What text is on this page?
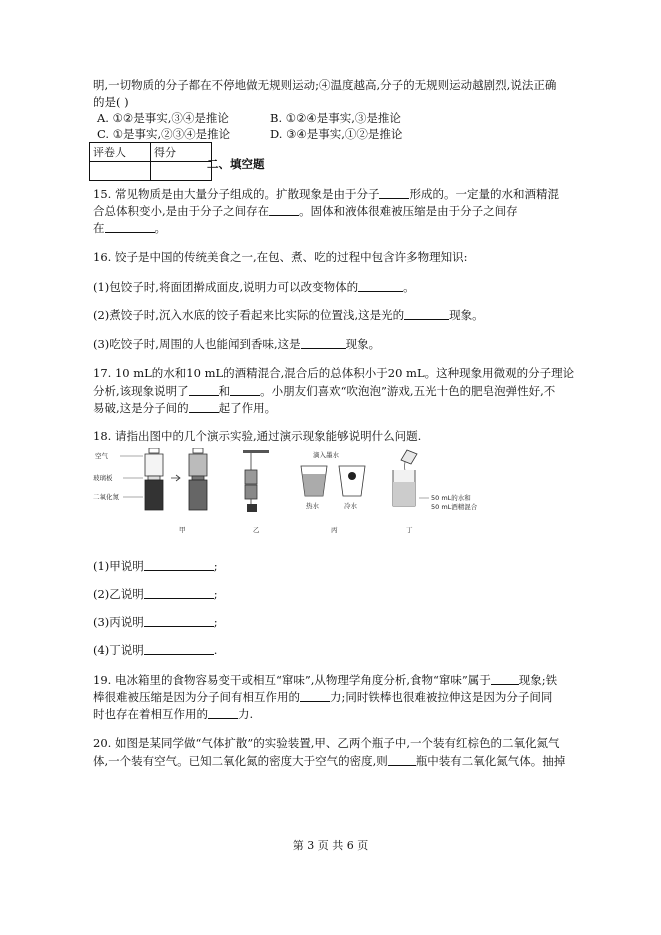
明,一切物质的分子都在不停地做无规则运动;④温度越高,分子的无规则运动越剧烈,说法正确
的是( )
A. ①②是事实,③④是推论	B. ①②④是事实,③是推论
C. ①是事实,②③④是推论	D. ③④是事实,①②是推论
评卷人	得分

二、填空题
15. 常见物质是由大量分子组成的。扩散现象是由于分子	形成的。一定量的水和酒精混
合总体积变小,是由于分子之间存在	。固体和液体很难被压缩是由于分子之间存
在	。
16. 饺子是中国的传统美食之一,在包、煮、吃的过程中包含许多物理知识:
(1)包饺子时,将面团擀成面皮,说明力可以改变物体的	。
(2)煮饺子时,沉入水底的饺子看起来比实际的位置浅,这是光的	现象。
(3)吃饺子时,周围的人也能闻到香味,这是	现象。
17. 10 mL的水和10 mL的酒精混合,混合后的总体积小于20 mL。这种现象用微观的分子理论
分析,该现象说明了	和	。小朋友们喜欢“吹泡泡”游戏,五光十色的肥皂泡弹性好,不
易破,这是分子间的	起了作用。
18. 请指出图中的几个演示实验,通过演示现象能够说明什么问题.
空气
玻璃板
二氧化氮
甲	乙
滴入墨水
热水	冷水
丙
50 mL的水和
50 mL酒精混合
丁
(1)甲说明	;
(2)乙说明	;
(3)丙说明	;
(4)丁说明	.
19. 电冰箱里的食物容易变干或相互“窜味”,从物理学角度分析,食物“窜味”属于 现象;铁
棒很难被压缩是因为分子间有相互作用的	力;同时铁棒也很难被拉伸这是因为分子间同
时也存在着相互作用的	力.
20. 如图是某同学做“气体扩散”的实验装置,甲、乙两个瓶子中,一个装有红棕色的二氧化氮气
体,一个装有空气。已知二氧化氮的密度大于空气的密度,则 瓶中装有二氧化氮气体。抽掉
第 3 页 共 6 页
